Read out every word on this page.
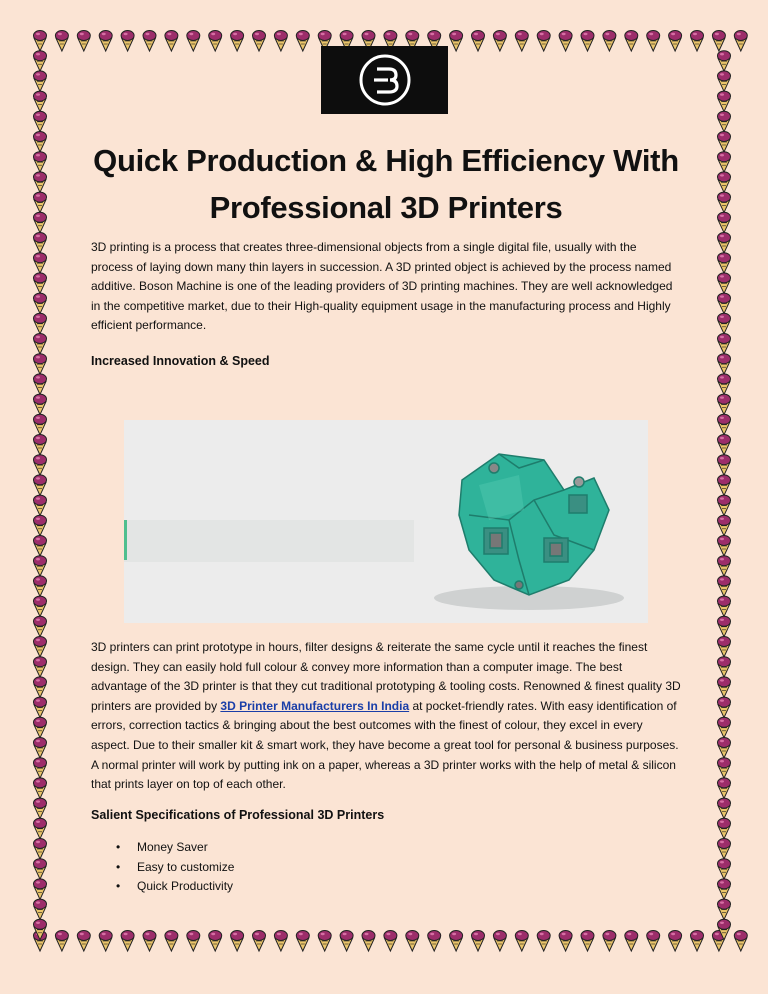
Quick Production & High Efficiency With Professional 3D Printers

3D printing is a process that creates three-dimensional objects from a single digital file, usually with the process of laying down many thin layers in succession. A 3D printed object is achieved by the process named additive. Boson Machine is one of the leading providers of 3D printing machines. They are well acknowledged in the competitive market, due to their High-quality equipment usage in the manufacturing process and Highly efficient performance.

Increased Innovation & Speed

3D printers can print prototype in hours, filter designs & reiterate the same cycle until it reaches the finest design. They can easily hold full colour & convey more information than a computer image. The best advantage of the 3D printer is that they cut traditional prototyping & tooling costs. Renowned & finest quality 3D printers are provided by 3D Printer Manufacturers In India at pocket-friendly rates. With easy identification of errors, correction tactics & bringing about the best outcomes with the finest of colour, they excel in every aspect. Due to their smaller kit & smart work, they have become a great tool for personal & business purposes. A normal printer will work by putting ink on a paper, whereas a 3D printer works with the help of metal & silicon that prints layer on top of each other.

Salient Specifications of Professional 3D Printers

• Money Saver
• Easy to customize
• Quick Productivity
